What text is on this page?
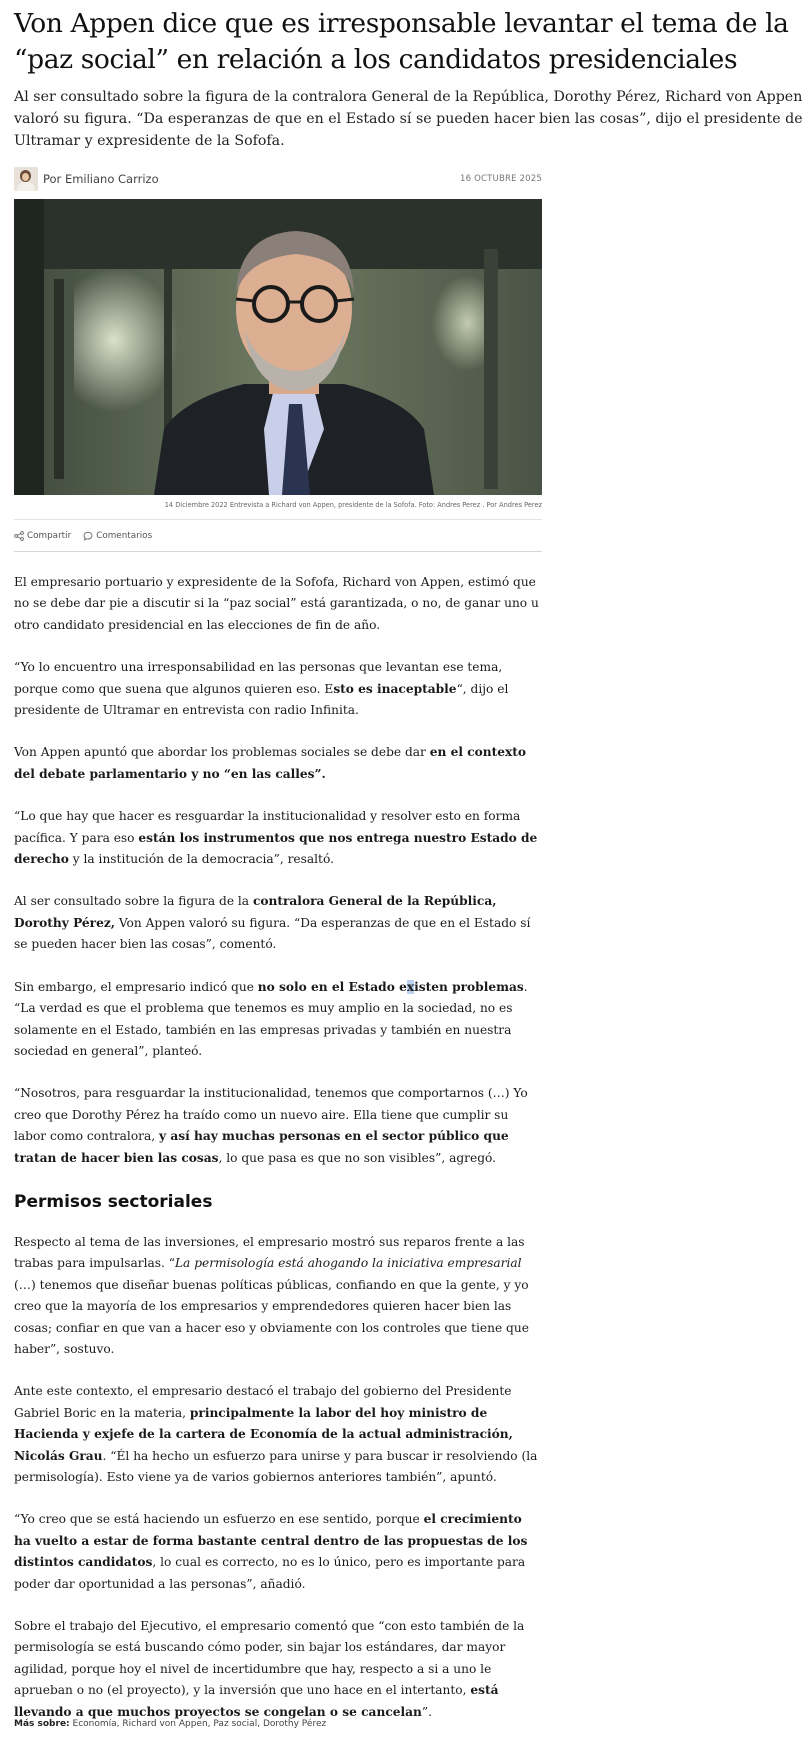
Von Appen dice que es irresponsable levantar el tema de la “paz social” en relación a los candidatos presidenciales

Al ser consultado sobre la figura de la contralora General de la República, Dorothy Pérez, Richard von Appen valoró su figura. “Da esperanzas de que en el Estado sí se pueden hacer bien las cosas”, dijo el presidente de Ultramar y expresidente de la Sofofa.

Por Emiliano Carrizo	16 OCTUBRE 2025
14 Diciembre 2022 Entrevista a Richard von Appen, presidente de la Sofofa. Foto: Andres Perez . Por Andres Perez
Compartir	Comentarios

El empresario portuario y expresidente de la Sofofa, Richard von Appen, estimó que no se debe dar pie a discutir si la “paz social” está garantizada, o no, de ganar uno u otro candidato presidencial en las elecciones de fin de año.

“Yo lo encuentro una irresponsabilidad en las personas que levantan ese tema, porque como que suena que algunos quieren eso. Esto es inaceptable“, dijo el presidente de Ultramar en entrevista con radio Infinita.

Von Appen apuntó que abordar los problemas sociales se debe dar en el contexto del debate parlamentario y no “en las calles”.

“Lo que hay que hacer es resguardar la institucionalidad y resolver esto en forma pacífica. Y para eso están los instrumentos que nos entrega nuestro Estado de derecho y la institución de la democracia”, resaltó.

Al ser consultado sobre la figura de la contralora General de la República, Dorothy Pérez, Von Appen valoró su figura. “Da esperanzas de que en el Estado sí se pueden hacer bien las cosas”, comentó.

Sin embargo, el empresario indicó que no solo en el Estado existen problemas. “La verdad es que el problema que tenemos es muy amplio en la sociedad, no es solamente en el Estado, también en las empresas privadas y también en nuestra sociedad en general”, planteó.

“Nosotros, para resguardar la institucionalidad, tenemos que comportarnos (…) Yo creo que Dorothy Pérez ha traído como un nuevo aire. Ella tiene que cumplir su labor como contralora, y así hay muchas personas en el sector público que tratan de hacer bien las cosas, lo que pasa es que no son visibles”, agregó.

Permisos sectoriales

Respecto al tema de las inversiones, el empresario mostró sus reparos frente a las trabas para impulsarlas. “La permisología está ahogando la iniciativa empresarial (…) tenemos que diseñar buenas políticas públicas, confiando en que la gente, y yo creo que la mayoría de los empresarios y emprendedores quieren hacer bien las cosas; confiar en que van a hacer eso y obviamente con los controles que tiene que haber”, sostuvo.

Ante este contexto, el empresario destacó el trabajo del gobierno del Presidente Gabriel Boric en la materia, principalmente la labor del hoy ministro de Hacienda y exjefe de la cartera de Economía de la actual administración, Nicolás Grau. “Él ha hecho un esfuerzo para unirse y para buscar ir resolviendo (la permisología). Esto viene ya de varios gobiernos anteriores también”, apuntó.

“Yo creo que se está haciendo un esfuerzo en ese sentido, porque el crecimiento ha vuelto a estar de forma bastante central dentro de las propuestas de los distintos candidatos, lo cual es correcto, no es lo único, pero es importante para poder dar oportunidad a las personas”, añadió.

Sobre el trabajo del Ejecutivo, el empresario comentó que “con esto también de la permisología se está buscando cómo poder, sin bajar los estándares, dar mayor agilidad, porque hoy el nivel de incertidumbre que hay, respecto a si a uno le aprueban o no (el proyecto), y la inversión que uno hace en el intertanto, está llevando a que muchos proyectos se congelan o se cancelan”.

Más sobre: Economía, Richard von Appen, Paz social, Dorothy Pérez
